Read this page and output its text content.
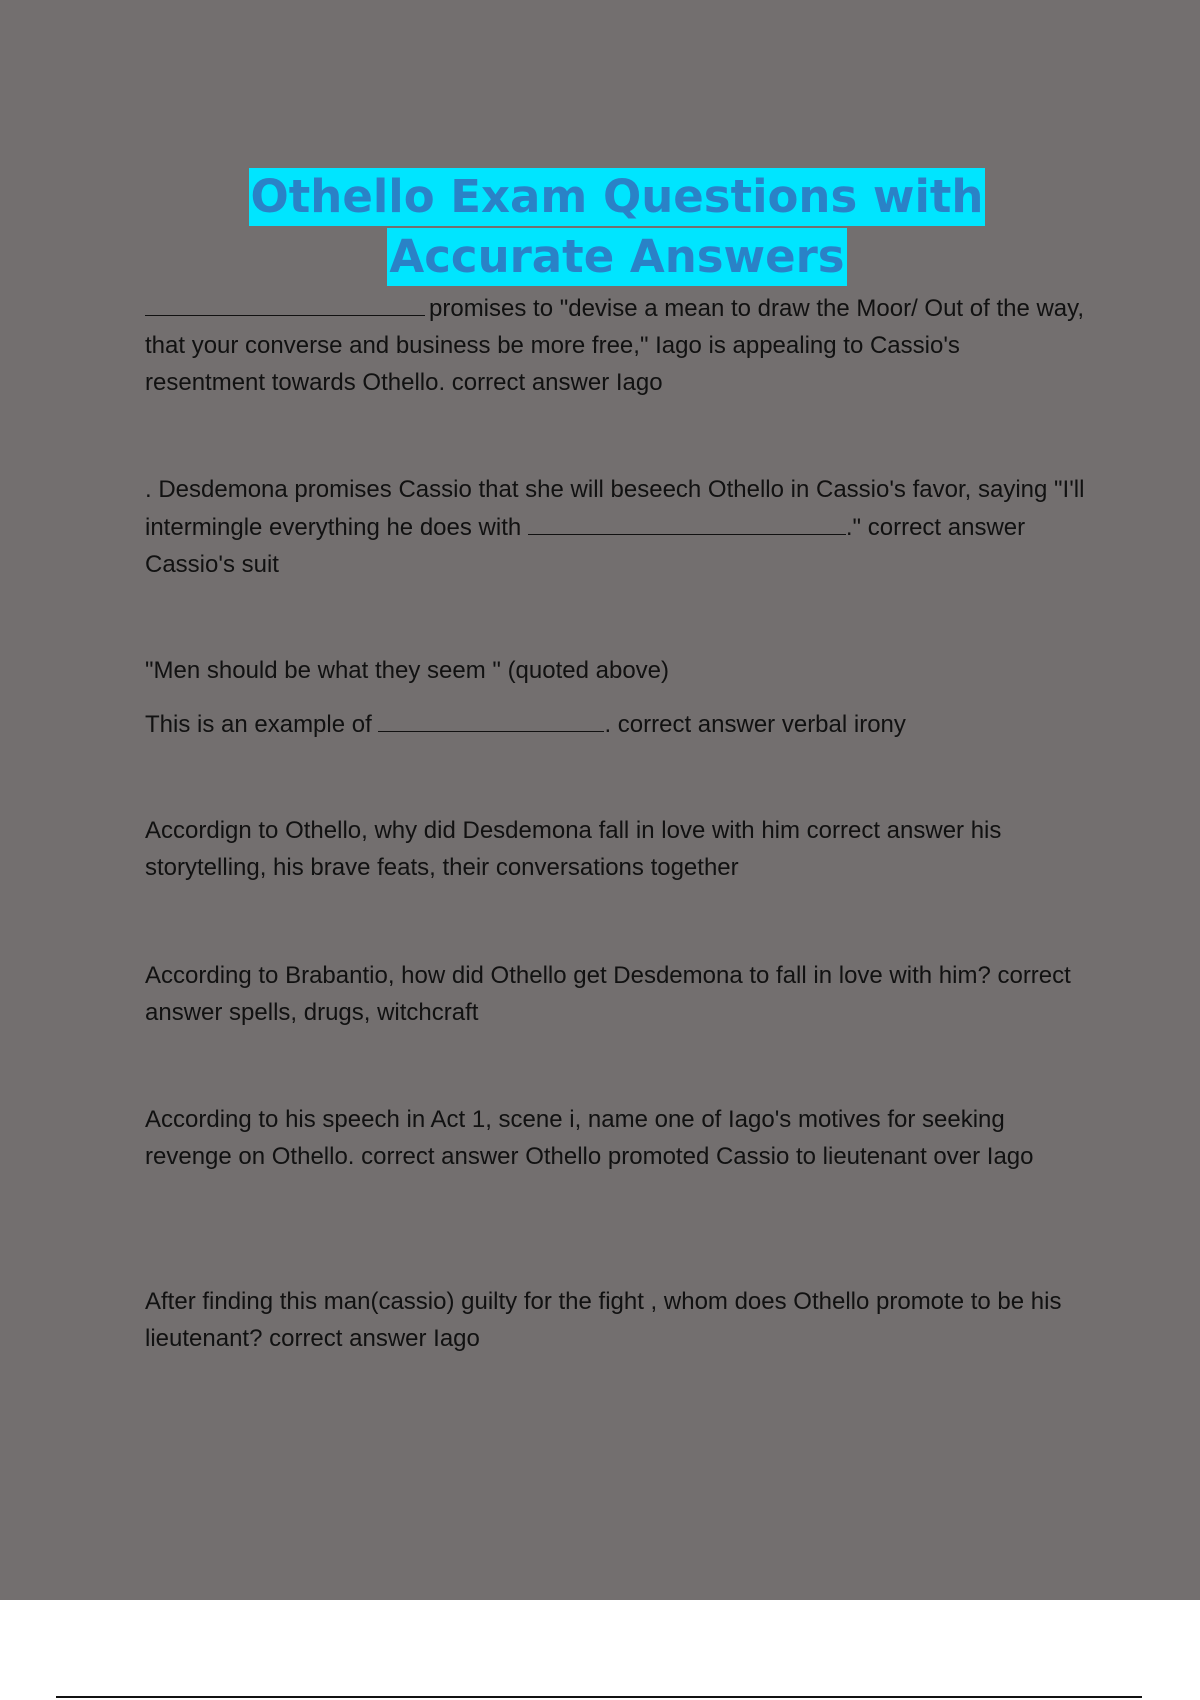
Othello Exam Questions with
Accurate Answers

promises to "devise a mean to draw the Moor/ Out of the way, that your converse and business be more free," Iago is appealing to Cassio's resentment towards Othello. correct answer Iago

. Desdemona promises Cassio that she will beseech Othello in Cassio's favor, saying "I'll intermingle everything he does with	." correct answer Cassio's suit

"Men should be what they seem " (quoted above)

This is an example of	. correct answer verbal irony

Accordign to Othello, why did Desdemona fall in love with him correct answer his storytelling, his brave feats, their conversations together

According to Brabantio, how did Othello get Desdemona to fall in love with him? correct answer spells, drugs, witchcraft

According to his speech in Act 1, scene i, name one of Iago's motives for seeking revenge on Othello. correct answer Othello promoted Cassio to lieutenant over Iago

After finding this man(cassio) guilty for the fight , whom does Othello promote to be his lieutenant? correct answer Iago
